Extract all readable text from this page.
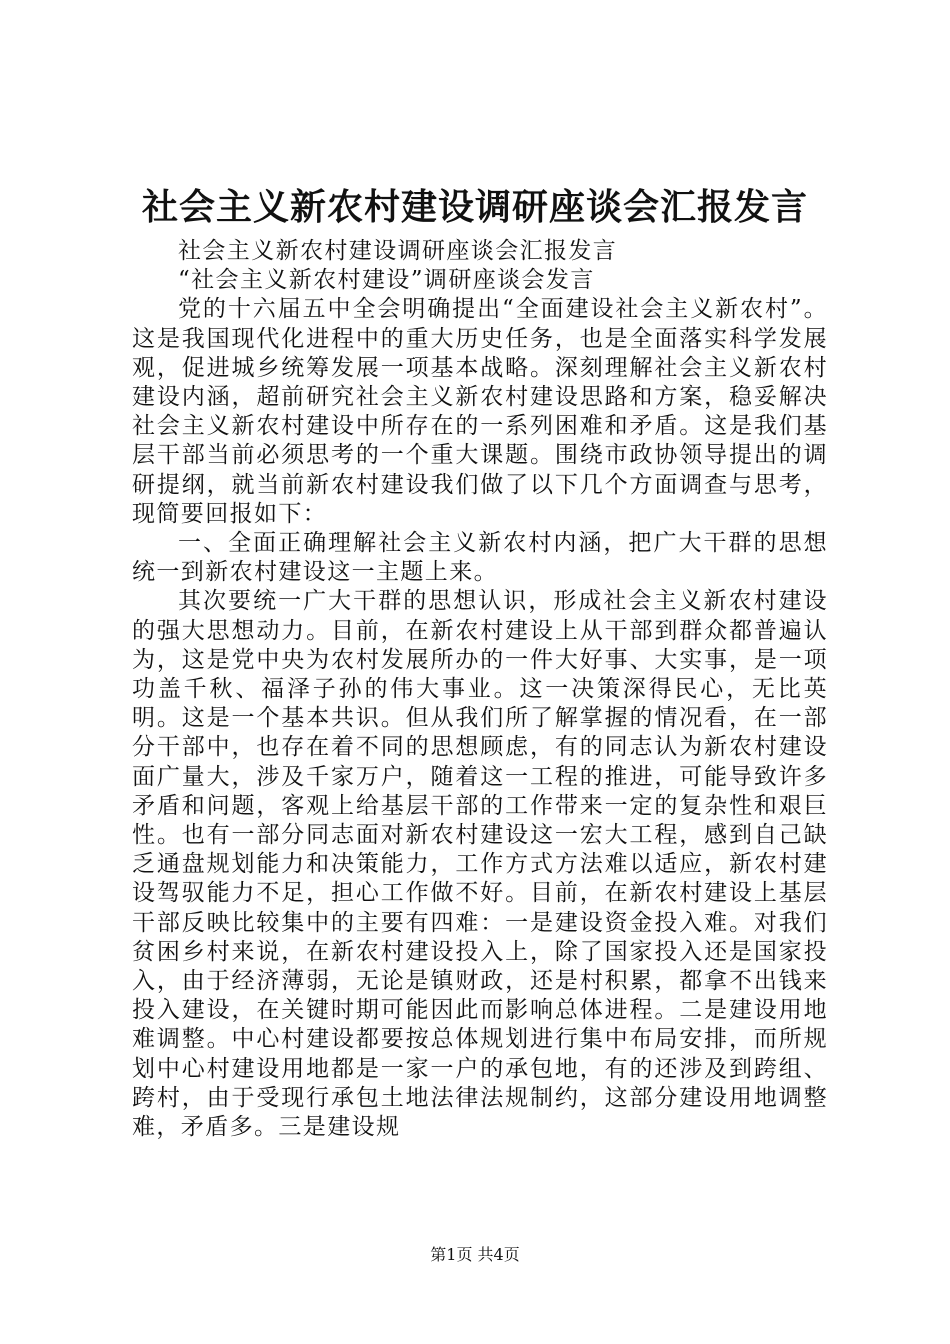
社会主义新农村建设调研座谈会汇报发言

社会主义新农村建设调研座谈会汇报发言

“社会主义新农村建设”调研座谈会发言

党的十六届五中全会明确提出“全面建设社会主义新农村”。这是我国现代化进程中的重大历史任务，也是全面落实科学发展观，促进城乡统筹发展一项基本战略。深刻理解社会主义新农村建设内涵，超前研究社会主义新农村建设思路和方案，稳妥解决社会主义新农村建设中所存在的一系列困难和矛盾。这是我们基层干部当前必须思考的一个重大课题。围绕市政协领导提出的调研提纲，就当前新农村建设我们做了以下几个方面调查与思考，现简要回报如下：

一、全面正确理解社会主义新农村内涵，把广大干群的思想统一到新农村建设这一主题上来。

其次要统一广大干群的思想认识，形成社会主义新农村建设的强大思想动力。目前，在新农村建设上从干部到群众都普遍认为，这是党中央为农村发展所办的一件大好事、大实事，是一项功盖千秋、福泽子孙的伟大事业。这一决策深得民心，无比英明。这是一个基本共识。但从我们所了解掌握的情况看，在一部分干部中，也存在着不同的思想顾虑，有的同志认为新农村建设面广量大，涉及千家万户，随着这一工程的推进，可能导致许多矛盾和问题，客观上给基层干部的工作带来一定的复杂性和艰巨性。也有一部分同志面对新农村建设这一宏大工程，感到自己缺乏通盘规划能力和决策能力，工作方式方法难以适应，新农村建设驾驭能力不足，担心工作做不好。目前，在新农村建设上基层干部反映比较集中的主要有四难：一是建设资金投入难。对我们贫困乡村来说，在新农村建设投入上，除了国家投入还是国家投入，由于经济薄弱，无论是镇财政，还是村积累，都拿不出钱来投入建设，在关键时期可能因此而影响总体进程。二是建设用地难调整。中心村建设都要按总体规划进行集中布局安排，而所规划中心村建设用地都是一家一户的承包地，有的还涉及到跨组、跨村，由于受现行承包土地法律法规制约，这部分建设用地调整难，矛盾多。三是建设规

第1页 共4页
